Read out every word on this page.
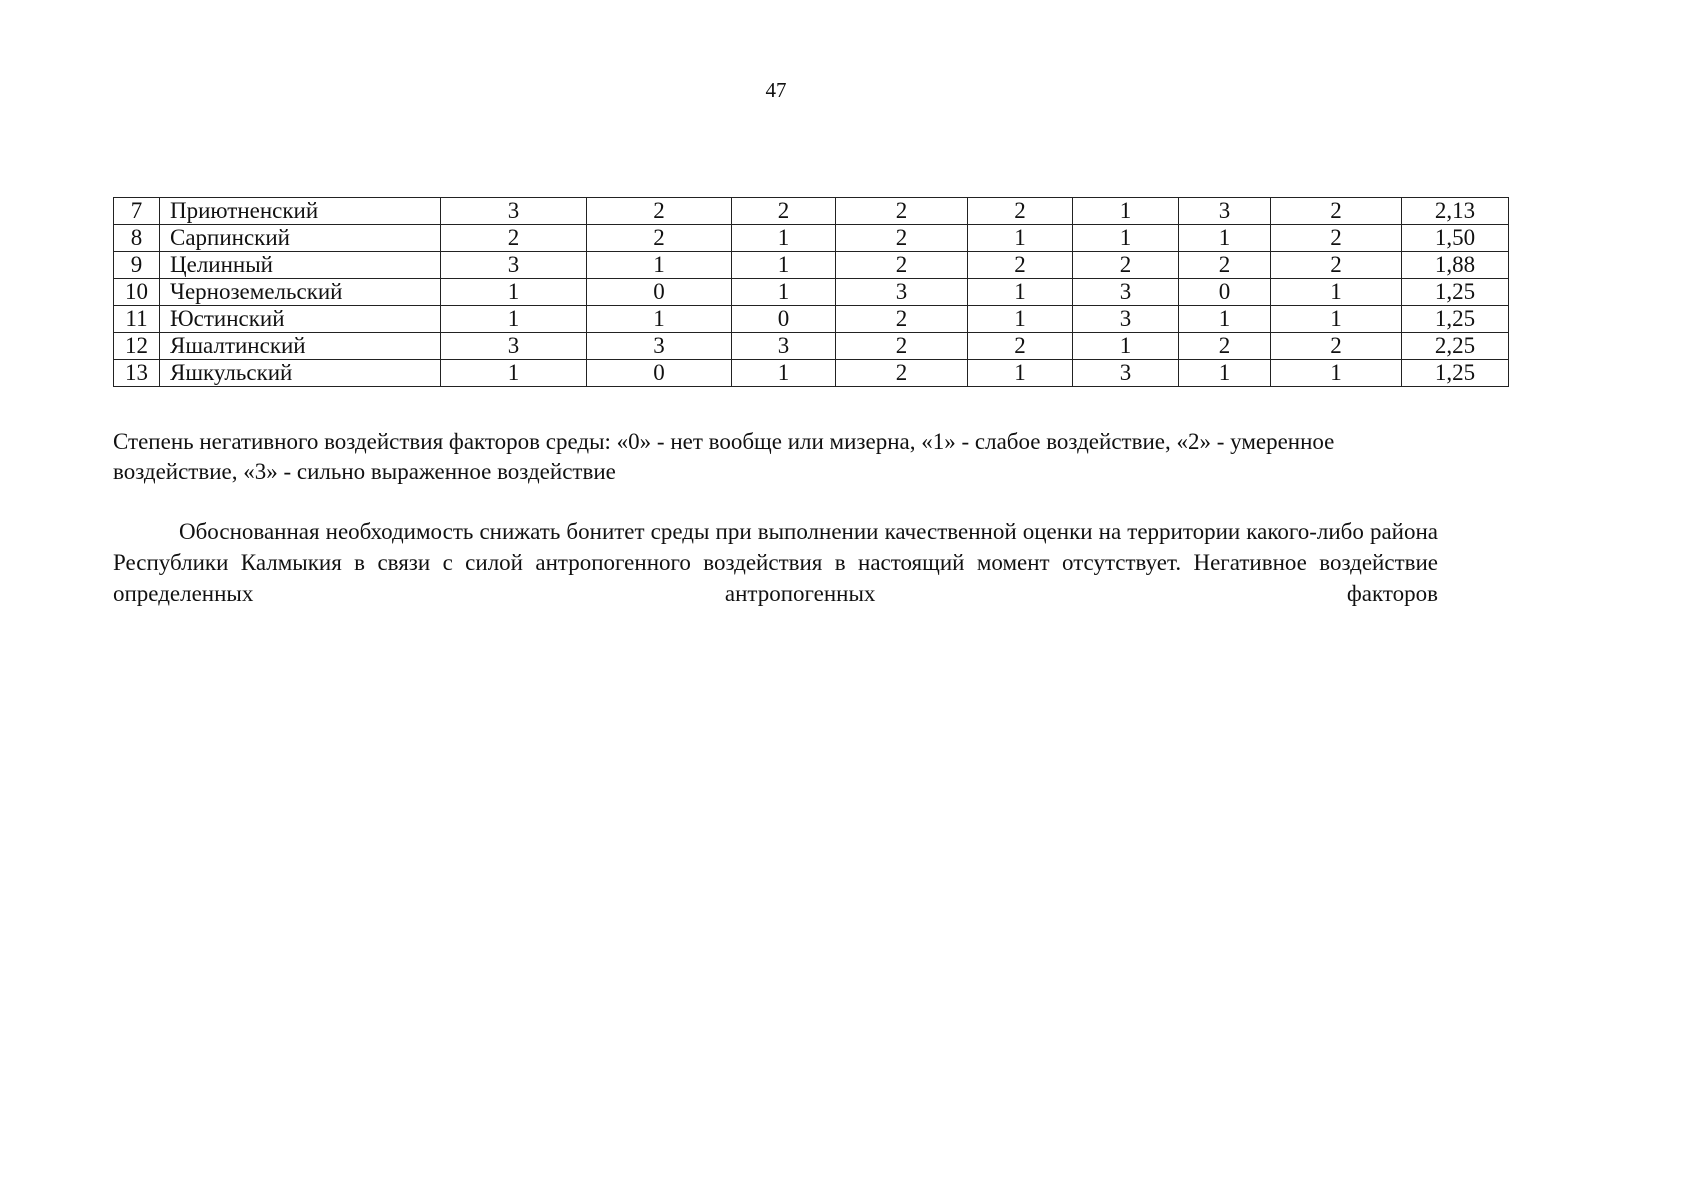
47
7	Приютненский	3	2	2	2	2	1	3	2	2,13
8	Сарпинский	2	2	1	2	1	1	1	2	1,50
9	Целинный	3	1	1	2	2	2	2	2	1,88
10	Черноземельский	1	0	1	3	1	3	0	1	1,25
11	Юстинский	1	1	0	2	1	3	1	1	1,25
12	Яшалтинский	3	3	3	2	2	1	2	2	2,25
13	Яшкульский	1	0	1	2	1	3	1	1	1,25

Степень негативного воздействия факторов среды: «0» - нет вообще или мизерна, «1» - слабое воздействие, «2» - умеренное воздействие, «3» - сильно выраженное воздействие

Обоснованная необходимость снижать бонитет среды при выполнении качественной оценки на территории какого-либо района Республики Калмыкия в связи с силой антропогенного воздействия в настоящий момент отсутствует. Негативное воздействие определенных антропогенных факторов
